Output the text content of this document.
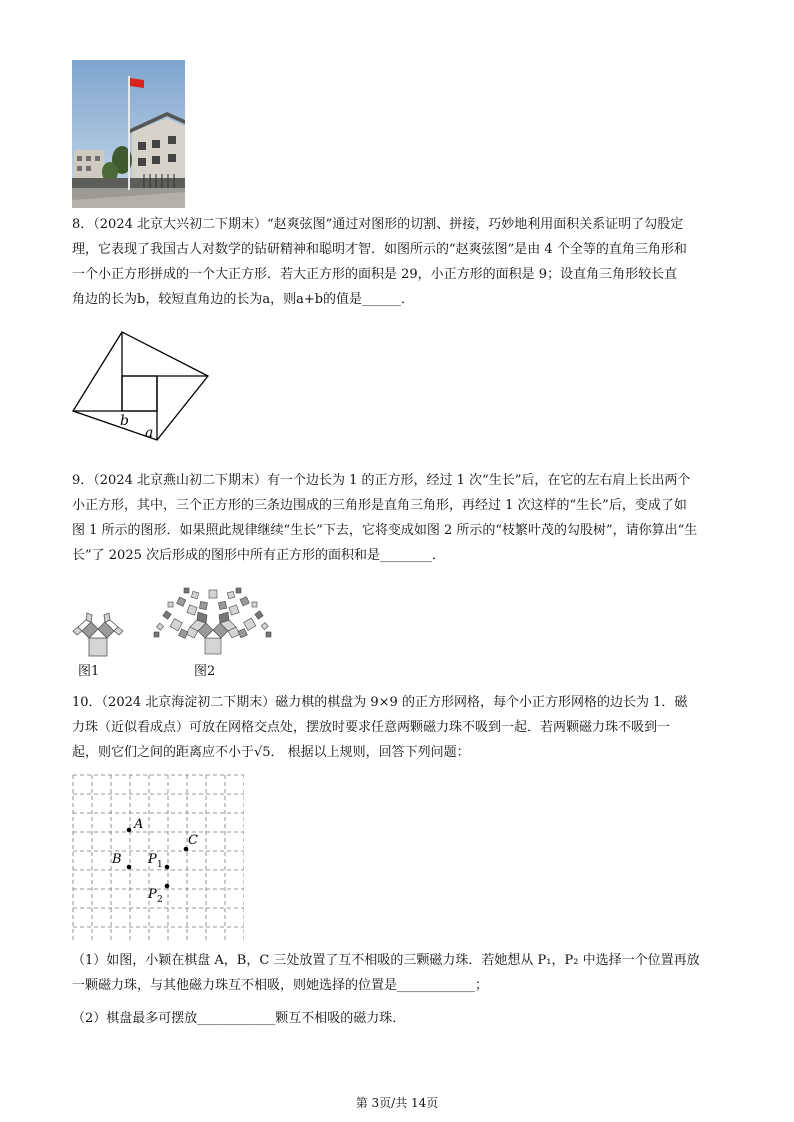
8．（2024 北京大兴初二下期末）“赵爽弦图”通过对图形的切割、拼接，巧妙地利用面积关系证明了勾股定
理，它表现了我国古人对数学的钻研精神和聪明才智．如图所示的“赵爽弦图”是由 4 个全等的直角三角形和
一个小正方形拼成的一个大正方形．若大正方形的面积是 29，小正方形的面积是 9；设直角三角形较长直
角边的长为b，较短直角边的长为a，则a+b的值是______．
b
a
9．（2024 北京燕山初二下期末）有一个边长为 1 的正方形，经过 1 次“生长”后，在它的左右肩上长出两个
小正方形，其中，三个正方形的三条边围成的三角形是直角三角形，再经过 1 次这样的“生长”后，变成了如
图 1 所示的图形．如果照此规律继续“生长”下去，它将变成如图 2 所示的“枝繁叶茂的勾股树”，请你算出“生
长”了 2025 次后形成的图形中所有正方形的面积和是________．
图1	图2
10．（2024 北京海淀初二下期末）磁力棋的棋盘为 9×9 的正方形网格，每个小正方形网格的边长为 1．磁
力珠（近似看成点）可放在网格交点处，摆放时要求任意两颗磁力珠不吸到一起．若两颗磁力珠不吸到一
起，则它们之间的距离应不小于√5． 根据以上规则，回答下列问题：
A
C
B P 1
P 2
（1）如图，小颖在棋盘 A，B，C 三处放置了互不相吸的三颗磁力珠．若她想从 P₁，P₂ 中选择一个位置再放
一颗磁力珠，与其他磁力珠互不相吸，则她选择的位置是____________；
（2）棋盘最多可摆放____________颗互不相吸的磁力珠．
第 3页/共 14页
